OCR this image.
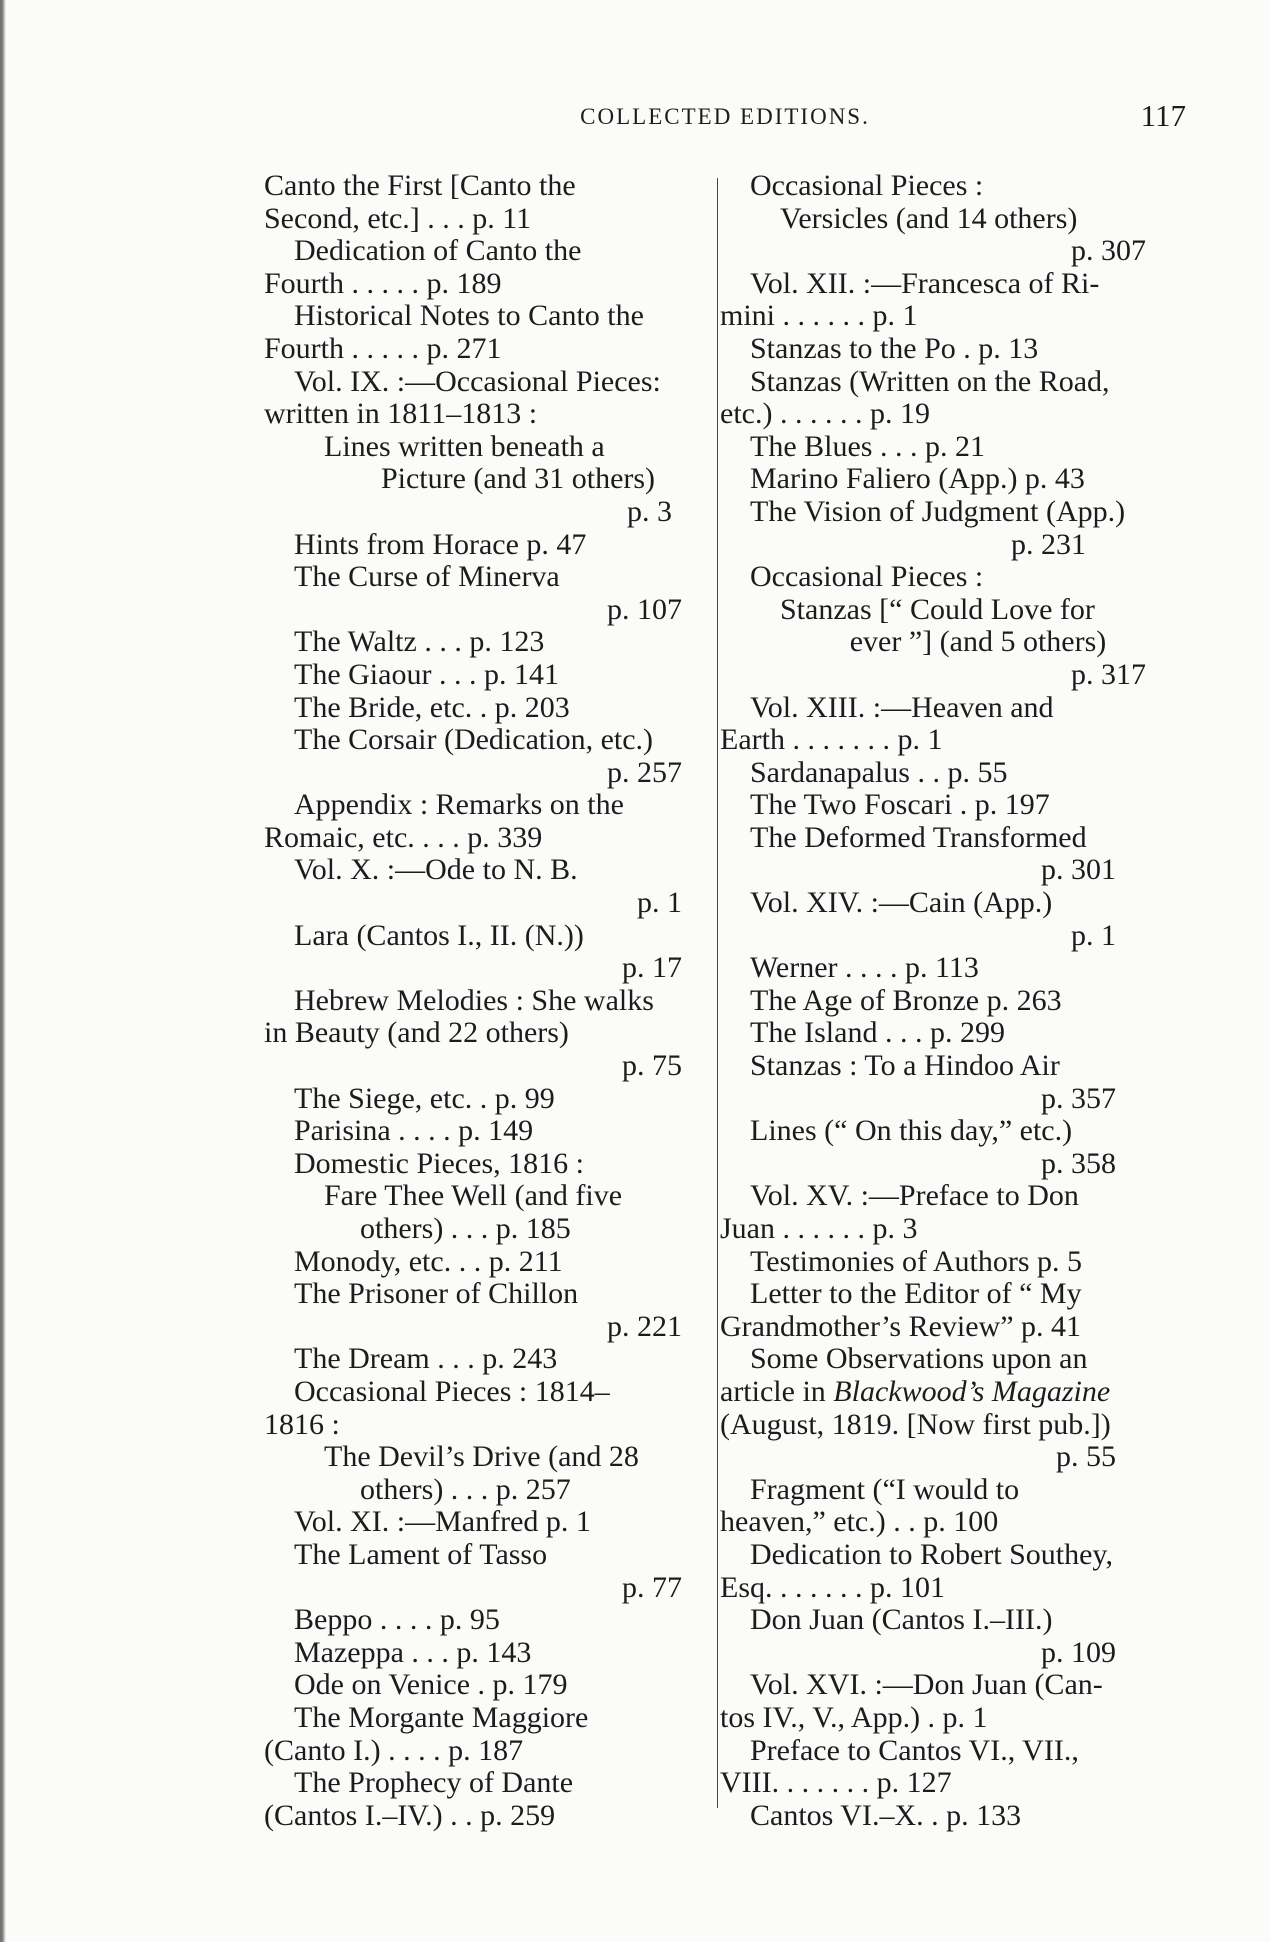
COLLECTED EDITIONS.	117
Canto the First [Canto the
Second, etc.] . . . p. 11
Dedication of Canto the
Fourth . . . . . p. 189
Historical Notes to Canto the
Fourth . . . . . p. 271
Vol. IX. :—Occasional Pieces:
written in 1811–1813 :
Lines written beneath a
Picture (and 31 others)
p. 3
Hints from Horace p. 47
The Curse of Minerva
p. 107
The Waltz . . . p. 123
The Giaour . . . p. 141
The Bride, etc. . p. 203
The Corsair (Dedication, etc.)
p. 257
Appendix : Remarks on the
Romaic, etc. . . . p. 339
Vol. X. :—Ode to N. B.
p. 1
Lara (Cantos I., II. (N.))
p. 17
Hebrew Melodies : She walks
in Beauty (and 22 others)
p. 75
The Siege, etc. . p. 99
Parisina . . . . p. 149
Domestic Pieces, 1816 :
Fare Thee Well (and five
others) . . . p. 185
Monody, etc. . . p. 211
The Prisoner of Chillon
p. 221
The Dream . . . p. 243
Occasional Pieces : 1814–
1816 :
The Devil’s Drive (and 28
others) . . . p. 257
Vol. XI. :—Manfred p. 1
The Lament of Tasso
p. 77
Beppo . . . . p. 95
Mazeppa . . . p. 143
Ode on Venice . p. 179
The Morgante Maggiore
(Canto I.) . . . . p. 187
The Prophecy of Dante
(Cantos I.–IV.) . . p. 259
Occasional Pieces :
Versicles (and 14 others)
p. 307
Vol. XII. :—Francesca of Ri-
mini . . . . . . p. 1
Stanzas to the Po . p. 13
Stanzas (Written on the Road,
etc.) . . . . . . p. 19
The Blues . . . p. 21
Marino Faliero (App.) p. 43
The Vision of Judgment (App.)
p. 231
Occasional Pieces :
Stanzas [“ Could Love for
ever ”] (and 5 others)
p. 317
Vol. XIII. :—Heaven and
Earth . . . . . . . p. 1
Sardanapalus . . p. 55
The Two Foscari . p. 197
The Deformed Transformed
p. 301
Vol. XIV. :—Cain (App.)
p. 1
Werner . . . . p. 113
The Age of Bronze p. 263
The Island . . . p. 299
Stanzas : To a Hindoo Air
p. 357
Lines (“ On this day,” etc.)
p. 358
Vol. XV. :—Preface to Don
Juan . . . . . . p. 3
Testimonies of Authors p. 5
Letter to the Editor of “ My
Grandmother’s Review” p. 41
Some Observations upon an
article in Blackwood’s Magazine
(August, 1819. [Now first pub.])
p. 55
Fragment (“I would to
heaven,” etc.) . . p. 100
Dedication to Robert Southey,
Esq. . . . . . . p. 101
Don Juan (Cantos I.–III.)
p. 109
Vol. XVI. :—Don Juan (Can-
tos IV., V., App.) . p. 1
Preface to Cantos VI., VII.,
VIII. . . . . . . p. 127
Cantos VI.–X. . p. 133
